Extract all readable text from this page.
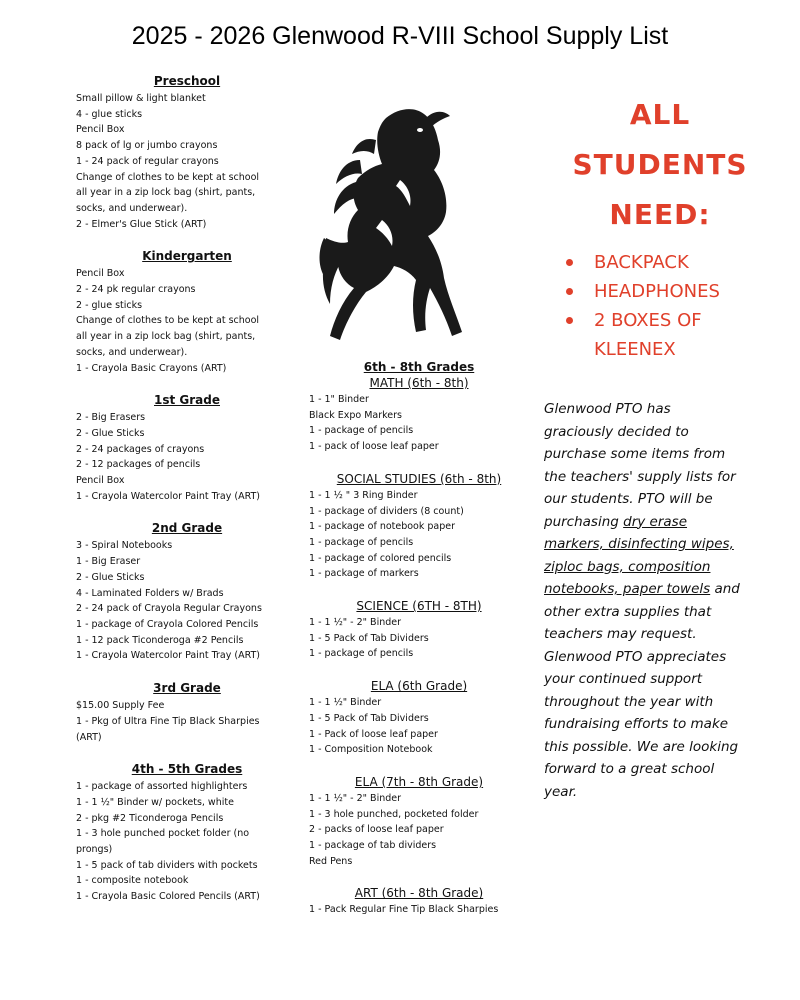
2025 - 2026 Glenwood R-VIII School Supply List
Preschool
Small pillow & light blanket
4 - glue sticks
Pencil Box
8 pack of lg or jumbo crayons
1 - 24 pack of regular crayons
Change of clothes to be kept at school
all year in a zip lock bag (shirt, pants,
socks, and underwear).
2 - Elmer's Glue Stick (ART)
Kindergarten
Pencil Box
2 - 24 pk regular crayons
2 - glue sticks
Change of clothes to be kept at school
all year in a zip lock bag (shirt, pants,
socks, and underwear).
1 - Crayola Basic Crayons (ART)
1st Grade
2 - Big Erasers
2 - Glue Sticks
2 - 24 packages of crayons
2 - 12 packages of pencils
Pencil Box
1 - Crayola Watercolor Paint Tray (ART)
2nd Grade
3 - Spiral Notebooks
1 - Big Eraser
2 - Glue Sticks
4 - Laminated Folders w/ Brads
2 - 24 pack of Crayola Regular Crayons
1 - package of Crayola Colored Pencils
1 - 12 pack Ticonderoga #2 Pencils
1 - Crayola Watercolor Paint Tray (ART)
3rd Grade
$15.00 Supply Fee
1 - Pkg of Ultra Fine Tip Black Sharpies
(ART)
4th - 5th Grades
1 - package of assorted highlighters
1 - 1 ½" Binder w/ pockets, white
2 - pkg #2 Ticonderoga Pencils
1 - 3 hole punched pocket folder (no
prongs)
1 - 5 pack of tab dividers with pockets
1 - composite notebook
1 - Crayola Basic Colored Pencils (ART)
6th - 8th Grades
MATH (6th - 8th)
1 - 1" Binder
Black Expo Markers
1 - package of pencils
1 - pack of loose leaf paper
SOCIAL STUDIES (6th - 8th)
1 - 1 ½ " 3 Ring Binder
1 - package of dividers (8 count)
1 - package of notebook paper
1 - package of pencils
1 - package of colored pencils
1 - package of markers
SCIENCE (6TH - 8TH)
1 - 1 ½" - 2" Binder
1 - 5 Pack of Tab Dividers
1 - package of pencils
ELA (6th Grade)
1 - 1 ½" Binder
1 - 5 Pack of Tab Dividers
1 - Pack of loose leaf paper
1 - Composition Notebook
ELA (7th - 8th Grade)
1 - 1 ½" - 2" Binder
1 - 3 hole punched, pocketed folder
2 - packs of loose leaf paper
1 - package of tab dividers
Red Pens
ART (6th - 8th Grade)
1 - Pack Regular Fine Tip Black Sharpies
ALL
STUDENTS
NEED:
BACKPACK
HEADPHONES
2 BOXES OF
KLEENEX
Glenwood PTO has graciously decided to purchase some items from the teachers' supply lists for our students. PTO will be purchasing dry erase markers, disinfecting wipes, ziploc bags, composition notebooks, paper towels and other extra supplies that teachers may request. Glenwood PTO appreciates your continued support throughout the year with fundraising efforts to make this possible. We are looking forward to a great school year.
